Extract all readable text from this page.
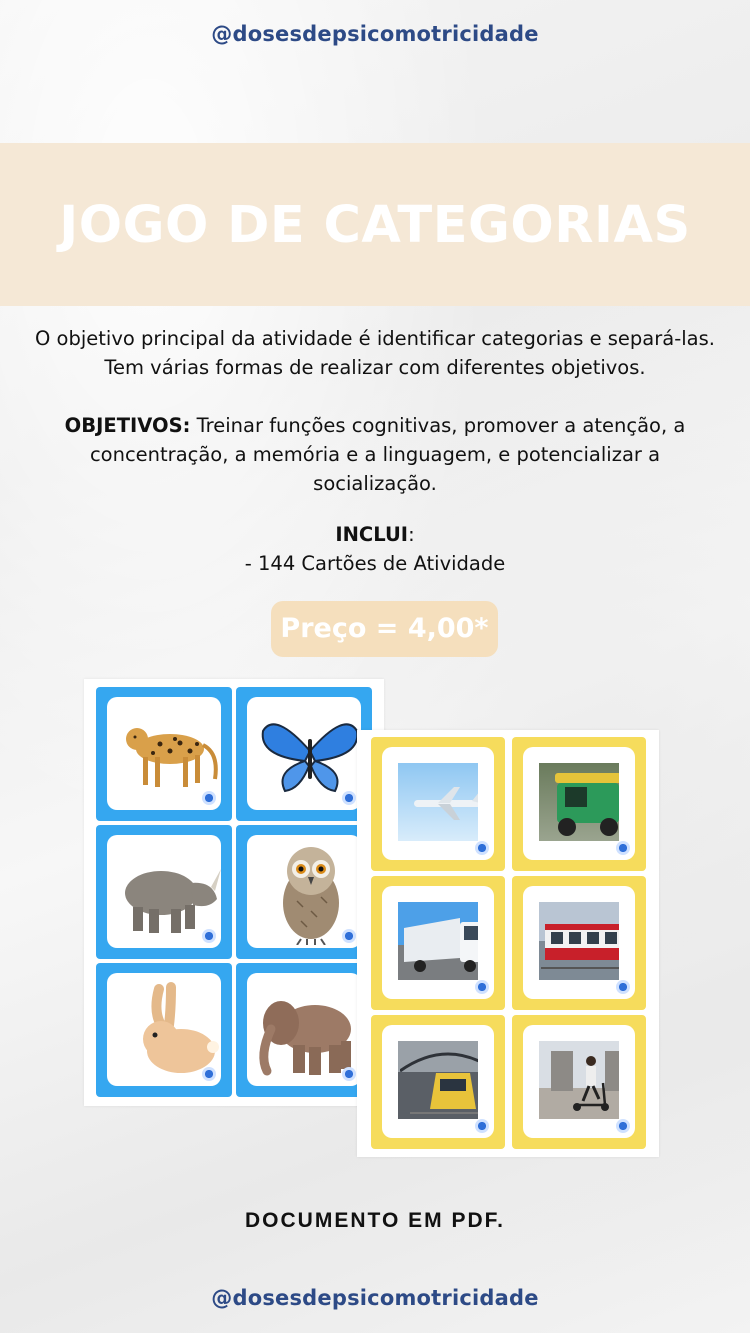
@dosesdepsicomotricidade
JOGO DE CATEGORIAS
O objetivo principal da atividade é identificar categorias e separá-las.
Tem várias formas de realizar com diferentes objetivos.
OBJETIVOS: Treinar funções cognitivas, promover a atenção, a concentração, a memória e a linguagem, e potencializar a socialização.
INCLUI:
- 144 Cartões de Atividade
Preço = 4,00*
DOCUMENTO EM PDF.
@dosesdepsicomotricidade
